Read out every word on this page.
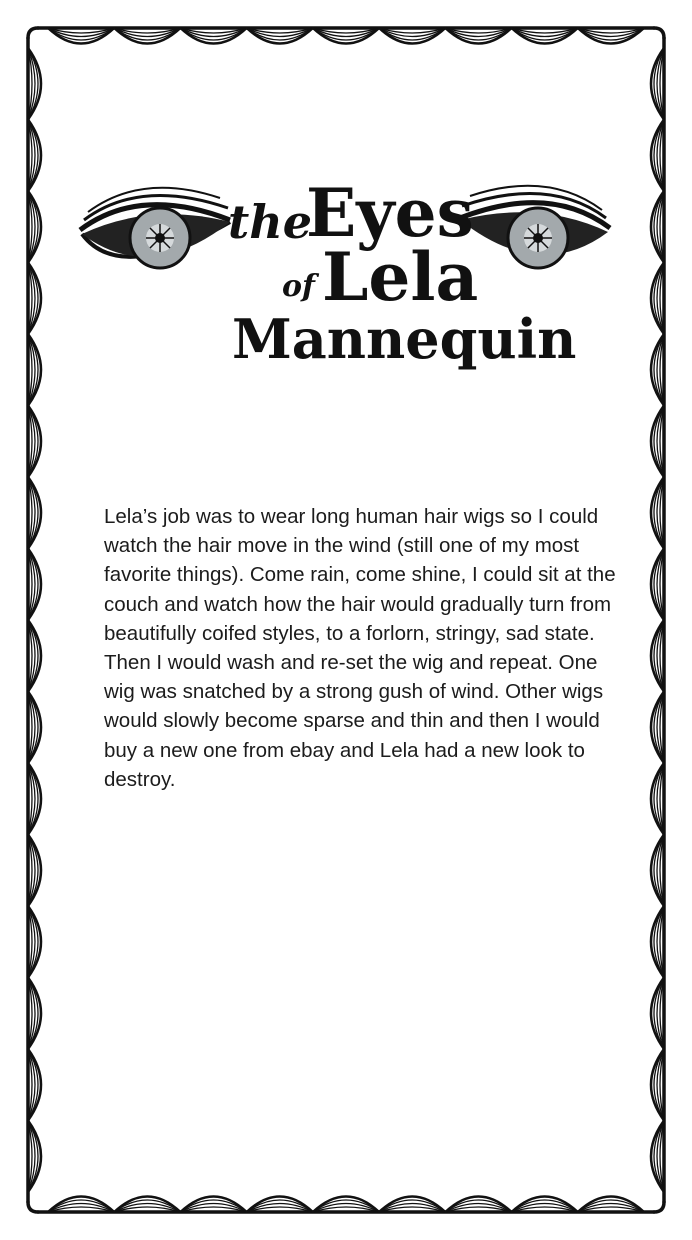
the
Eyes
of Lela
Mannequin

Lela’s job was to wear long human hair wigs so I could watch the hair move in the wind (still one of my most favorite things). Come rain, come shine, I could sit at the couch and watch how the hair would gradually turn from beautifully coifed styles, to a forlorn, stringy, sad state. Then I would wash and re-set the wig and repeat. One wig was snatched by a strong gush of wind. Other wigs would slowly become sparse and thin and then I would buy a new one from ebay and Lela had a new look to destroy.
